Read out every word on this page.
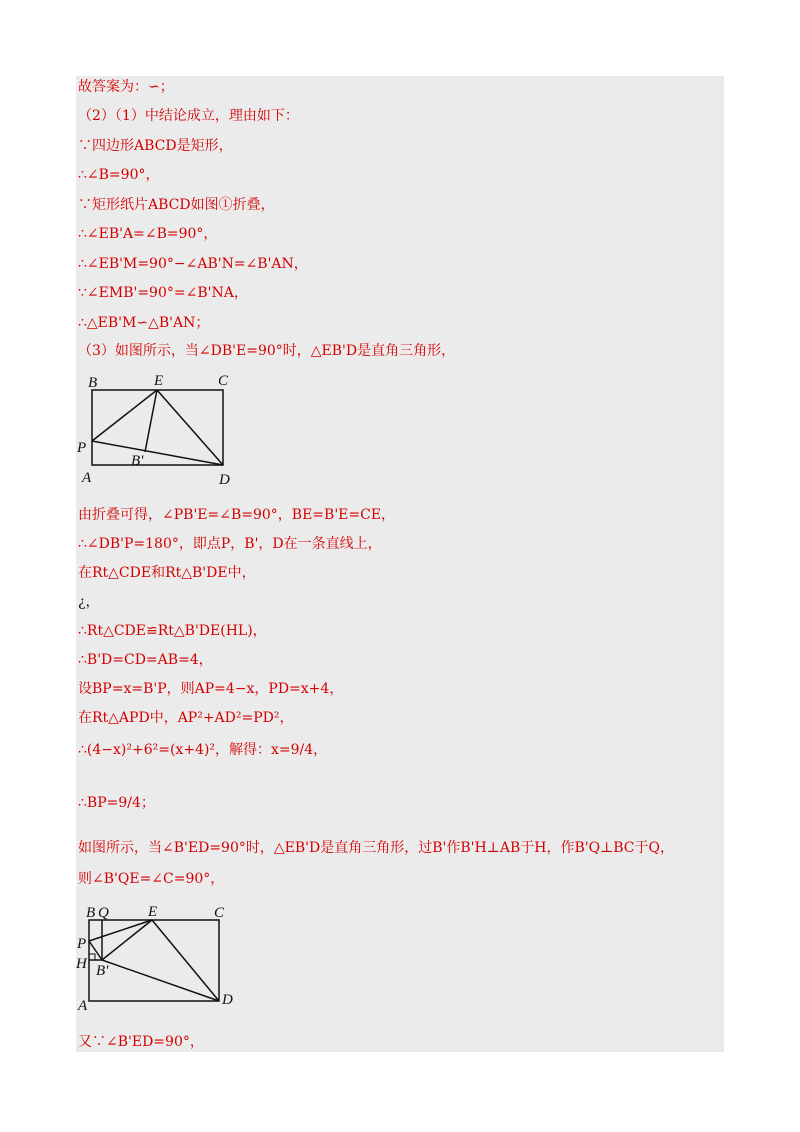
故答案为：∽；
（2）（1）中结论成立，理由如下：
∵四边形ABCD是矩形，
∴∠B=90°，
∵矩形纸片ABCD如图①折叠，
∴∠EB'A=∠B=90°，
∴∠EB'M=90°−∠AB'N=∠B'AN，
∵∠EMB'=90°=∠B'NA，
∴△EB'M∽△B'AN；
（3）如图所示，当∠DB'E=90°时，△EB'D是直角三角形，
B	E	C
P
B'
A	D
由折叠可得，∠PB'E=∠B=90°，BE=B'E=CE，
∴∠DB'P=180°，即点P，B'，D在一条直线上，
在Rt△CDE和Rt△B'DE中，
¿，
∴Rt△CDE≌Rt△B'DE(HL)，
∴B'D=CD=AB=4，
设BP=x=B'P，则AP=4−x，PD=x+4，
在Rt△APD中，AP²+AD²=PD²，
∴(4−x)²+6²=(x+4)²，解得：x=9/4，
∴BP=9/4；
如图所示，当∠B'ED=90°时，△EB'D是直角三角形，过B'作B'H⊥AB于H，作B'Q⊥BC于Q，
则∠B'QE=∠C=90°，
B Q	E	C
P
H B'
A	D
又∵∠B'ED=90°，
